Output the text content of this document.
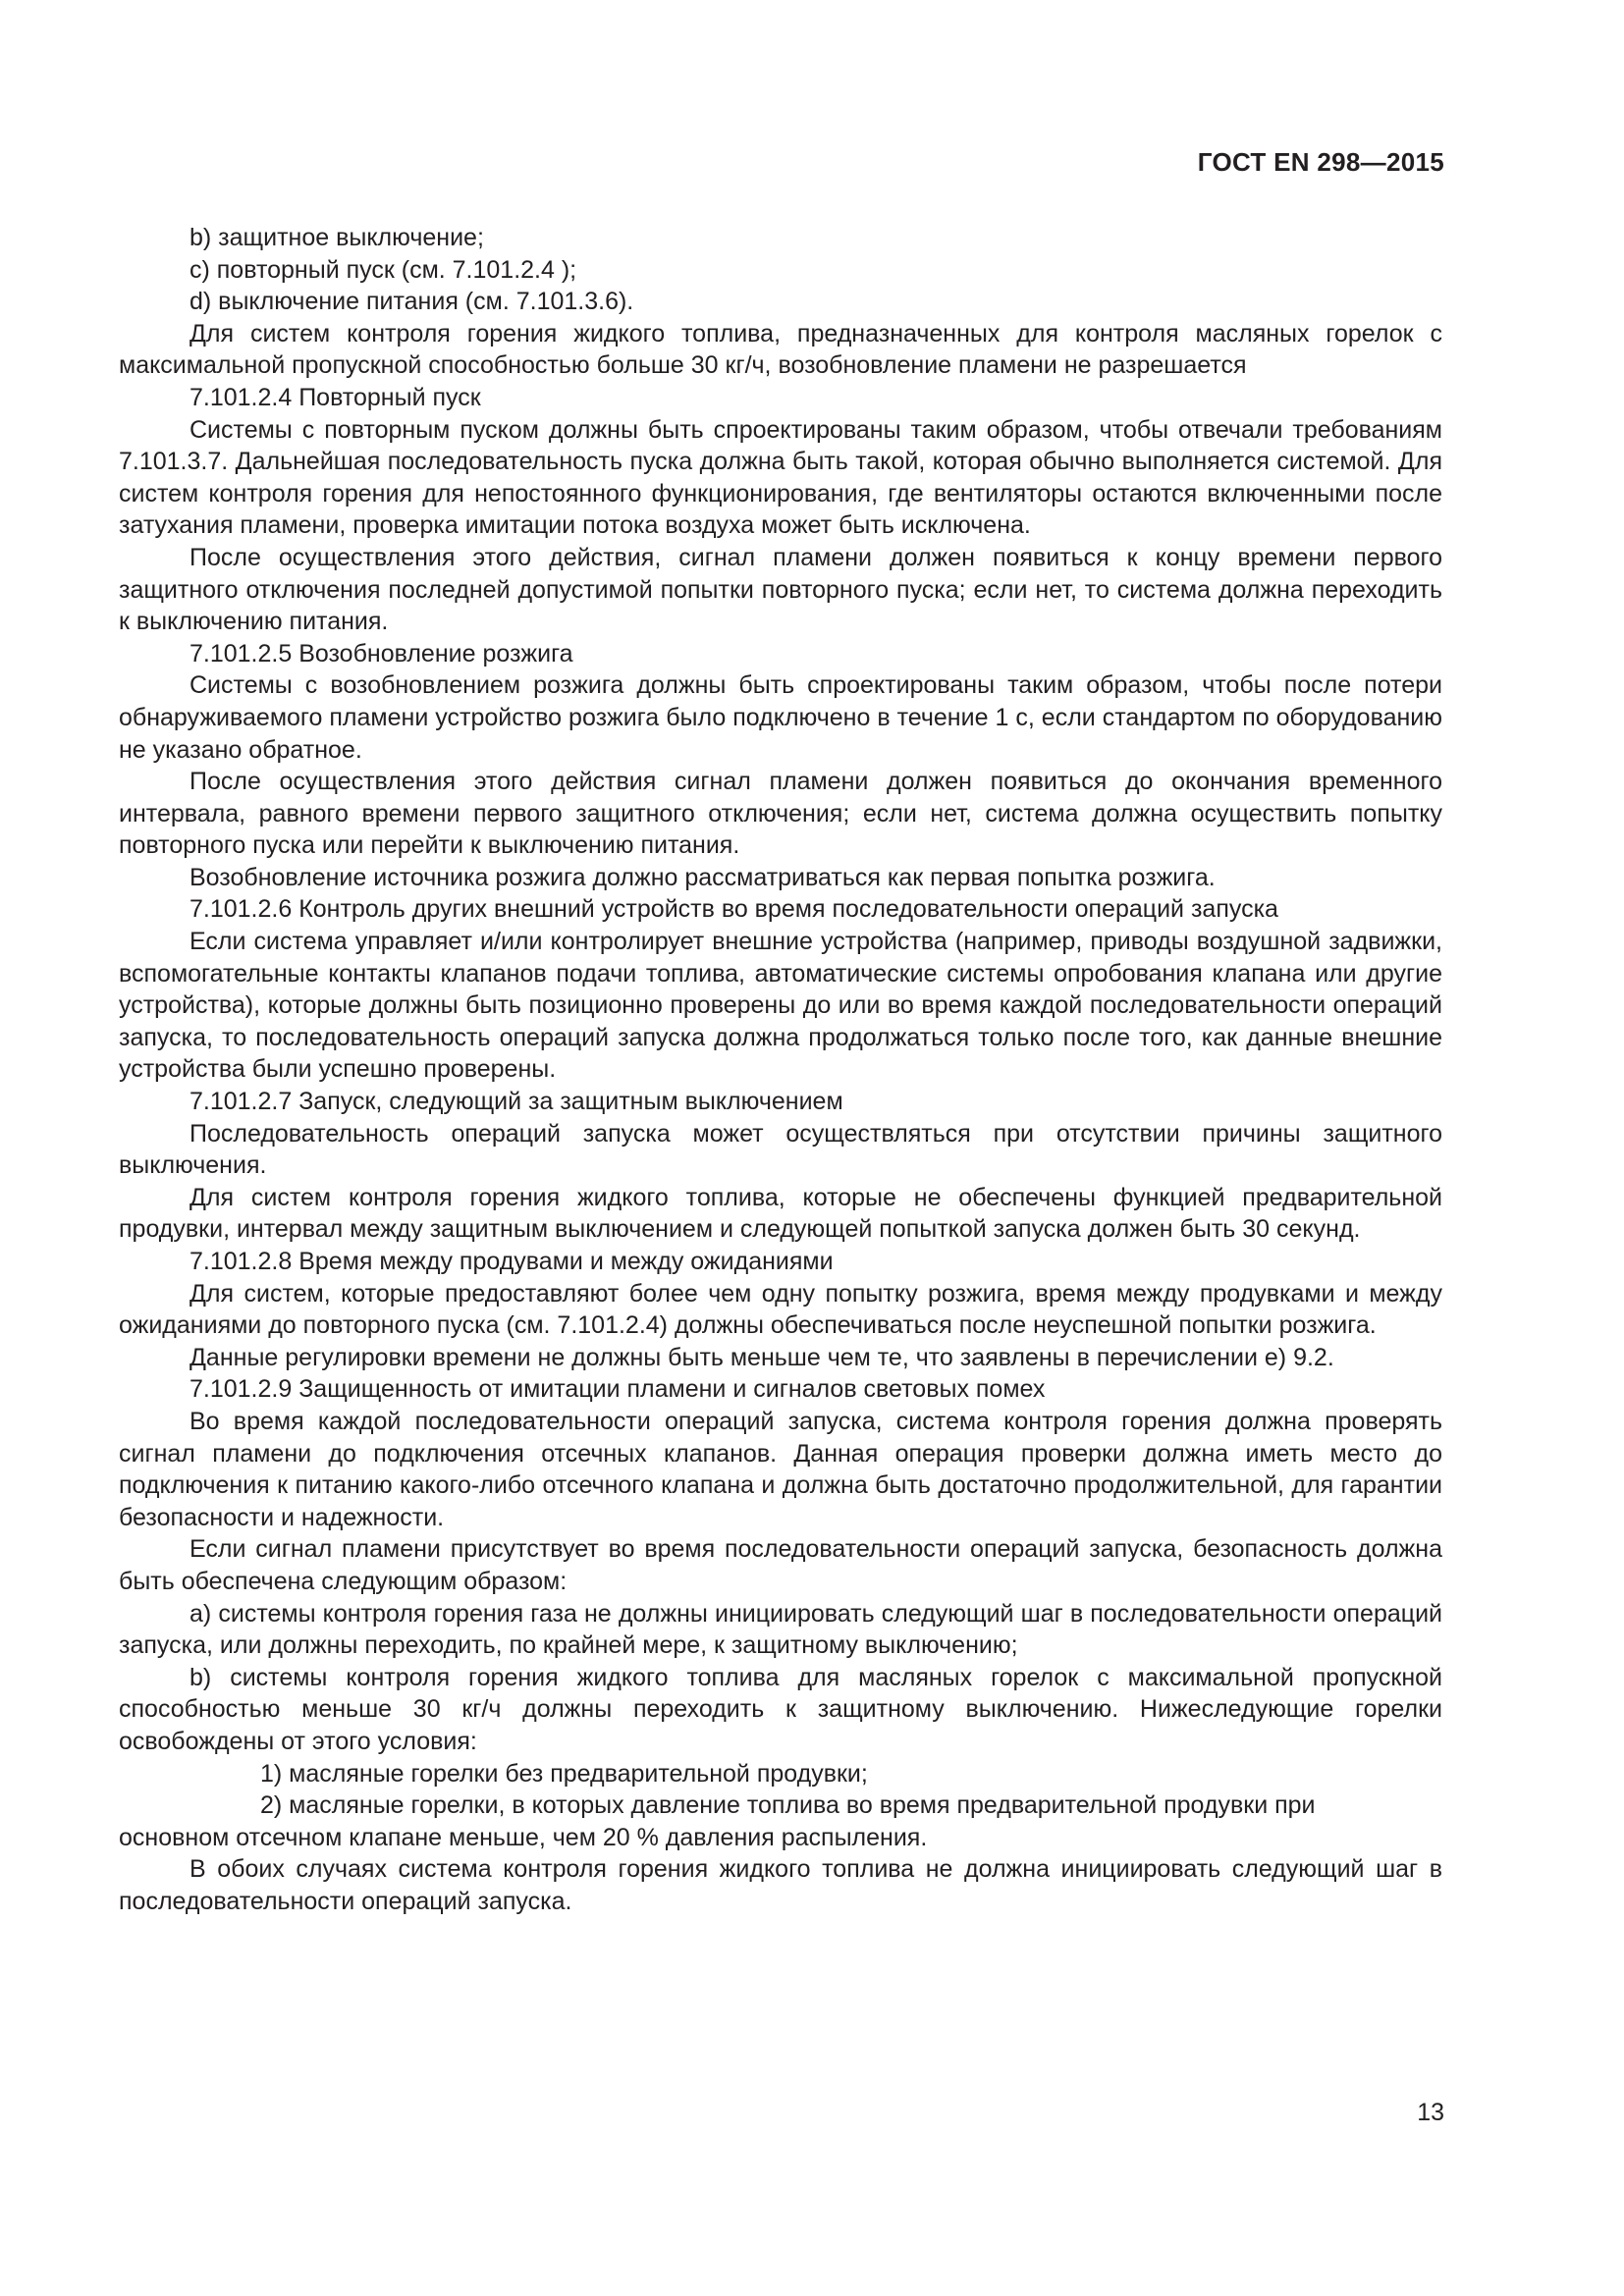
ГОСТ EN 298—2015

b) защитное выключение;

c) повторный пуск (см. 7.101.2.4 );

d) выключение питания (см. 7.101.3.6).

Для систем контроля горения жидкого топлива, предназначенных для контроля масляных горелок с максимальной пропускной способностью больше 30 кг/ч, возобновление пламени не разрешается

7.101.2.4 Повторный пуск

Системы с повторным пуском должны быть спроектированы таким образом, чтобы отвечали требованиям 7.101.3.7. Дальнейшая последовательность пуска должна быть такой, которая обычно выполняется системой. Для систем контроля горения для непостоянного функционирования, где вентиляторы остаются включенными после затухания пламени, проверка имитации потока воздуха может быть исключена.

После осуществления этого действия, сигнал пламени должен появиться к концу времени первого защитного отключения последней допустимой попытки повторного пуска; если нет, то система должна переходить к выключению питания.

7.101.2.5 Возобновление розжига

Системы с возобновлением розжига должны быть спроектированы таким образом, чтобы после потери обнаруживаемого пламени устройство розжига было подключено в течение 1 с, если стандартом по оборудованию не указано обратное.

После осуществления этого действия сигнал пламени должен появиться до окончания временного интервала, равного времени первого защитного отключения; если нет, система должна осуществить попытку повторного пуска или перейти к выключению питания.

Возобновление источника розжига должно рассматриваться как первая попытка розжига.

7.101.2.6 Контроль других внешний устройств во время последовательности операций запуска

Если система управляет и/или контролирует внешние устройства (например, приводы воздушной задвижки, вспомогательные контакты клапанов подачи топлива, автоматические системы опробования клапана или другие устройства), которые должны быть позиционно проверены до или во время каждой последовательности операций запуска, то последовательность операций запуска должна продолжаться только после того, как данные внешние устройства были успешно проверены.

7.101.2.7 Запуск, следующий за защитным выключением

Последовательность операций запуска может осуществляться при отсутствии причины защитного выключения.

Для систем контроля горения жидкого топлива, которые не обеспечены функцией предварительной продувки, интервал между защитным выключением и следующей попыткой запуска должен быть 30 секунд.

7.101.2.8 Время между продувами и между ожиданиями

Для систем, которые предоставляют более чем одну попытку розжига, время между продувками и между ожиданиями до повторного пуска (см. 7.101.2.4) должны обеспечиваться после неуспешной попытки розжига.

Данные регулировки времени не должны быть меньше чем те, что заявлены в перечислении е) 9.2.

7.101.2.9 Защищенность от имитации пламени и сигналов световых помех

Во время каждой последовательности операций запуска, система контроля горения должна проверять сигнал пламени до подключения отсечных клапанов. Данная операция проверки должна иметь место до подключения к питанию какого-либо отсечного клапана и должна быть достаточно продолжительной, для гарантии безопасности и надежности.

Если сигнал пламени присутствует во время последовательности операций запуска, безопасность должна быть обеспечена следующим образом:

a) системы контроля горения газа не должны инициировать следующий шаг в последовательности операций запуска, или должны переходить, по крайней мере, к защитному выключению;

b) системы контроля горения жидкого топлива для масляных горелок с максимальной пропускной способностью меньше 30 кг/ч должны переходить к защитному выключению. Нижеследующие горелки освобождены от этого условия:

1) масляные горелки без предварительной продувки;

2) масляные горелки, в которых давление топлива во время предварительной продувки при основном отсечном клапане меньше, чем 20 % давления распыления.

В обоих случаях система контроля горения жидкого топлива не должна инициировать следующий шаг в последовательности операций запуска.

13
